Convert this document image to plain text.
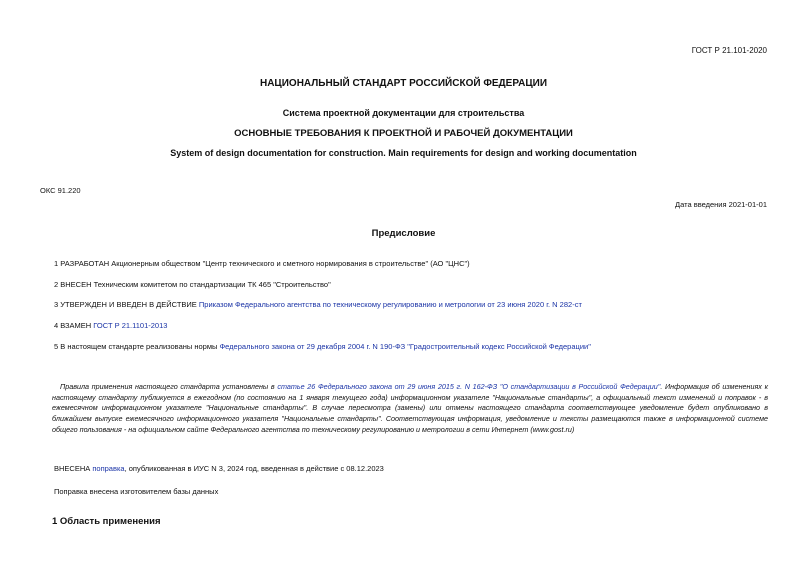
ГОСТ Р 21.101-2020
НАЦИОНАЛЬНЫЙ СТАНДАРТ РОССИЙСКОЙ ФЕДЕРАЦИИ
Система проектной документации для строительства
ОСНОВНЫЕ ТРЕБОВАНИЯ К ПРОЕКТНОЙ И РАБОЧЕЙ ДОКУМЕНТАЦИИ
System of design documentation for construction. Main requirements for design and working documentation
ОКС 91.220
Дата введения 2021-01-01
Предисловие
1 РАЗРАБОТАН Акционерным обществом "Центр технического и сметного нормирования в строительстве" (АО "ЦНС")
2 ВНЕСЕН Техническим комитетом по стандартизации ТК 465 "Строительство"
3 УТВЕРЖДЕН И ВВЕДЕН В ДЕЙСТВИЕ Приказом Федерального агентства по техническому регулированию и метрологии от 23 июня 2020 г. N 282-ст
4 ВЗАМЕН ГОСТ Р 21.1101-2013
5 В настоящем стандарте реализованы нормы Федерального закона от 29 декабря 2004 г. N 190-ФЗ "Градостроительный кодекс Российской Федерации"
Правила применения настоящего стандарта установлены в статье 26 Федерального закона от 29 июня 2015 г. N 162-ФЗ "О стандартизации в Российской Федерации". Информация об изменениях к настоящему стандарту публикуется в ежегодном (по состоянию на 1 января текущего года) информационном указателе "Национальные стандарты", а официальный текст изменений и поправок - в ежемесячном информационном указателе "Национальные стандарты". В случае пересмотра (замены) или отмены настоящего стандарта соответствующее уведомление будет опубликовано в ближайшем выпуске ежемесячного информационного указателя "Национальные стандарты". Соответствующая информация, уведомление и тексты размещаются также в информационной системе общего пользования - на официальном сайте Федерального агентства по техническому регулированию и метрологии в сети Интернет (www.gost.ru)
ВНЕСЕНА поправка, опубликованная в ИУС N 3, 2024 год, введенная в действие с 08.12.2023
Поправка внесена изготовителем базы данных
1 Область применения
